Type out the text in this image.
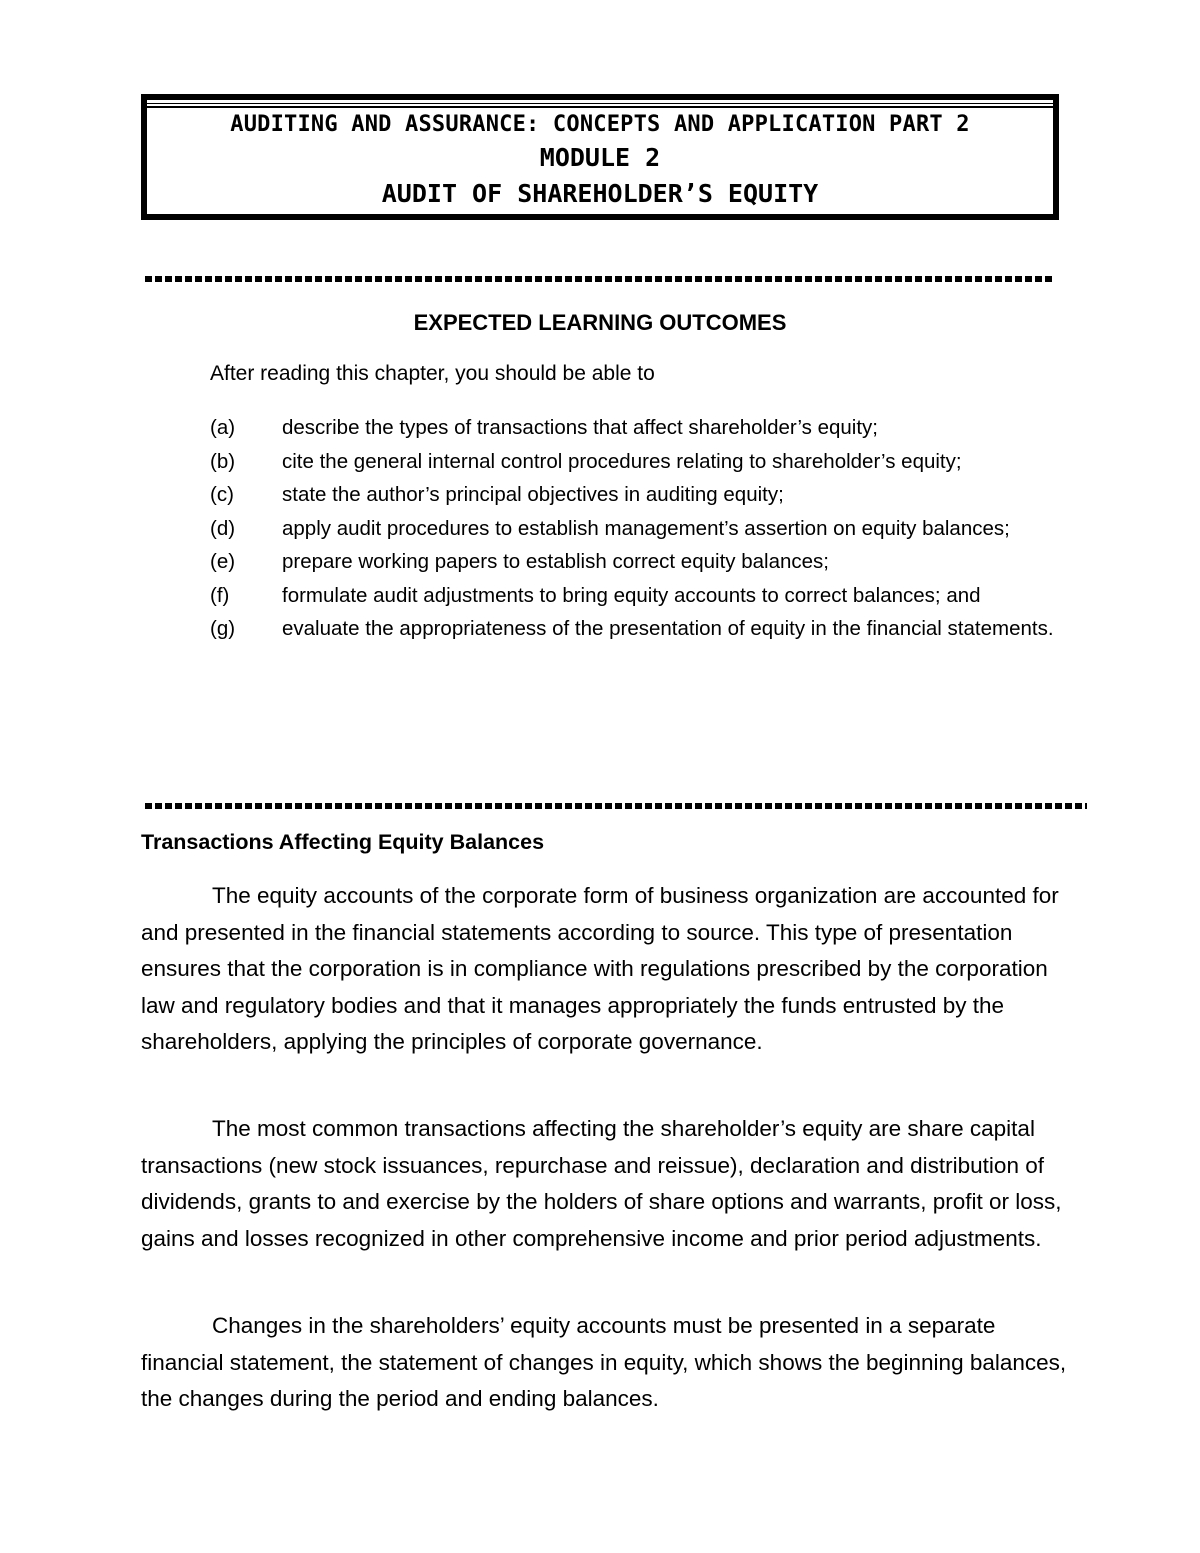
AUDITING AND ASSURANCE: CONCEPTS AND APPLICATION PART 2
MODULE 2
AUDIT OF SHAREHOLDER’S EQUITY
EXPECTED LEARNING OUTCOMES
After reading this chapter, you should be able to
(a)	describe the types of transactions that affect shareholder’s equity;
(b)	cite the general internal control procedures relating to shareholder’s equity;
(c)	state the author’s principal objectives in auditing equity;
(d)	apply audit procedures to establish management’s assertion on equity balances;
(e)	prepare working papers to establish correct equity balances;
(f)	formulate audit adjustments to bring equity accounts to correct balances; and
(g)	evaluate the appropriateness of the presentation of equity in the financial statements.
Transactions Affecting Equity Balances

The equity accounts of the corporate form of business organization are accounted for and presented in the financial statements according to source. This type of presentation ensures that the corporation is in compliance with regulations prescribed by the corporation law and regulatory bodies and that it manages appropriately the funds entrusted by the shareholders, applying the principles of corporate governance.

The most common transactions affecting the shareholder’s equity are share capital transactions (new stock issuances, repurchase and reissue), declaration and distribution of dividends, grants to and exercise by the holders of share options and warrants, profit or loss, gains and losses recognized in other comprehensive income and prior period adjustments.

Changes in the shareholders’ equity accounts must be presented in a separate financial statement, the statement of changes in equity, which shows the beginning balances, the changes during the period and ending balances.
